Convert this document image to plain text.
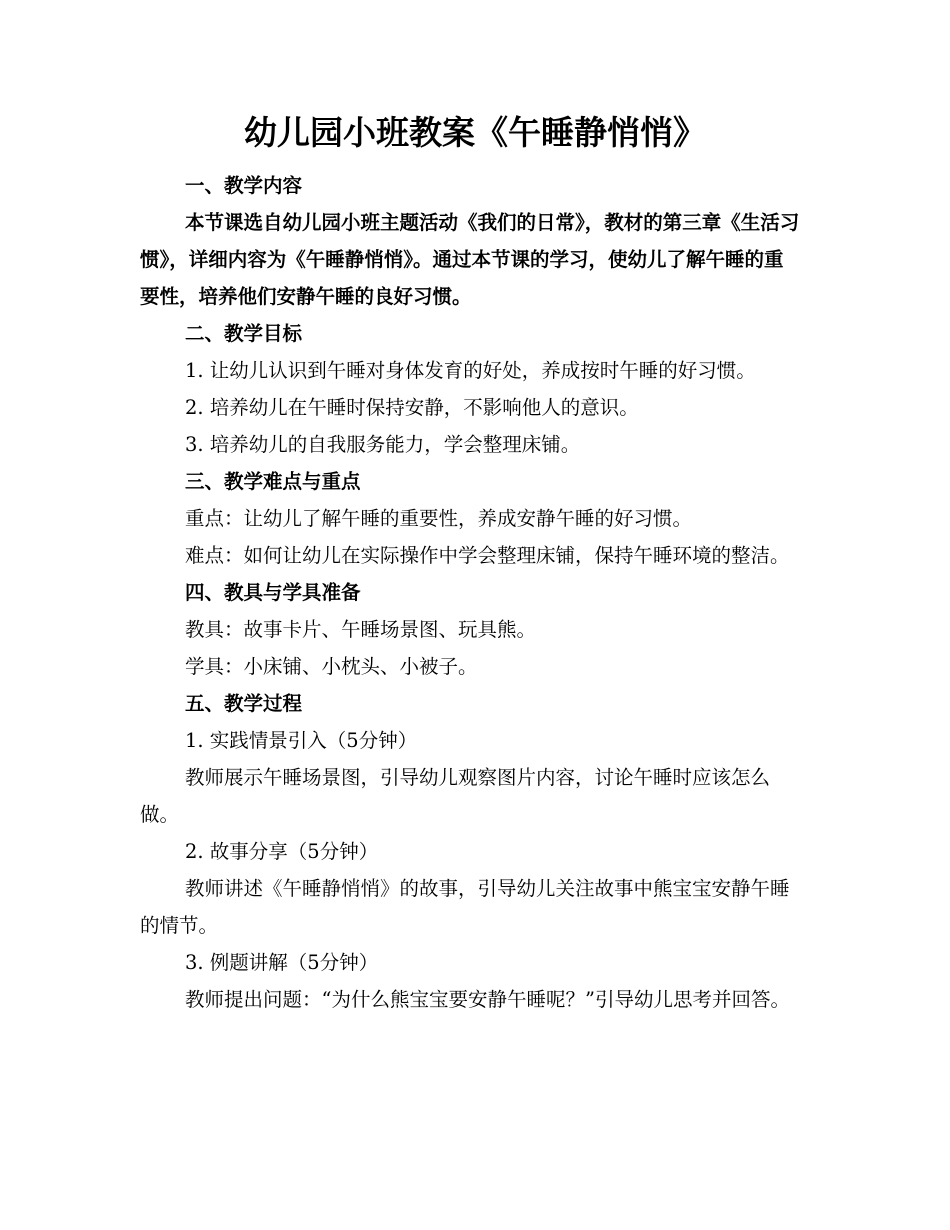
幼儿园小班教案《午睡静悄悄》

一、教学内容

本节课选自幼儿园小班主题活动《我们的日常》，教材的第三章《生活习惯》，详细内容为《午睡静悄悄》。通过本节课的学习，使幼儿了解午睡的重要性，培养他们安静午睡的良好习惯。

二、教学目标

1. 让幼儿认识到午睡对身体发育的好处，养成按时午睡的好习惯。

2. 培养幼儿在午睡时保持安静，不影响他人的意识。

3. 培养幼儿的自我服务能力，学会整理床铺。

三、教学难点与重点

重点：让幼儿了解午睡的重要性，养成安静午睡的好习惯。

难点：如何让幼儿在实际操作中学会整理床铺，保持午睡环境的整洁。

四、教具与学具准备

教具：故事卡片、午睡场景图、玩具熊。

学具：小床铺、小枕头、小被子。

五、教学过程

1. 实践情景引入（5分钟）

教师展示午睡场景图，引导幼儿观察图片内容，讨论午睡时应该怎么做。

2. 故事分享（5分钟）

教师讲述《午睡静悄悄》的故事，引导幼儿关注故事中熊宝宝安静午睡的情节。

3. 例题讲解（5分钟）

教师提出问题：“为什么熊宝宝要安静午睡呢？”引导幼儿思考并回答。
